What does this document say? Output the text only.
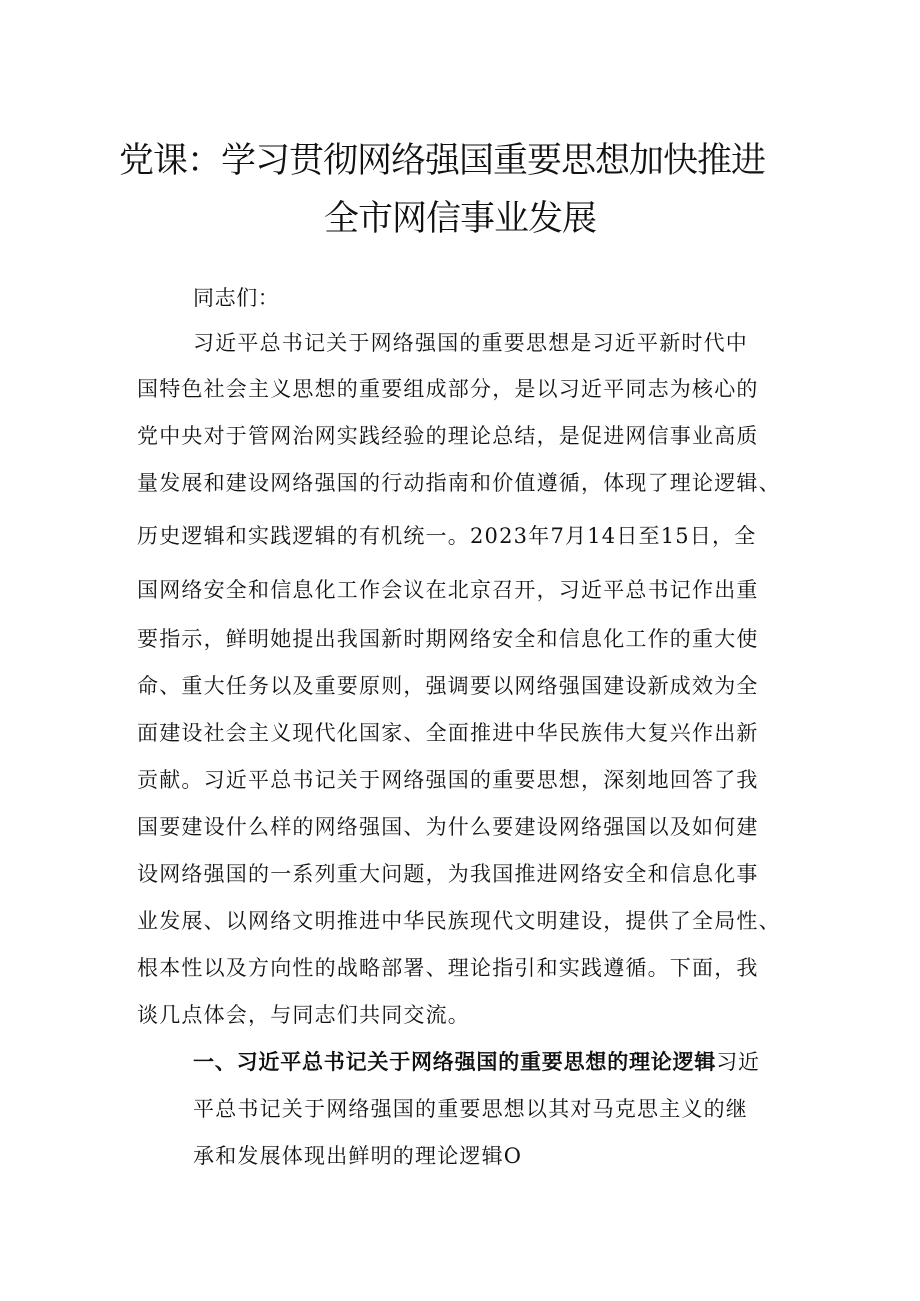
党课：学习贯彻网络强国重要思想加快推进
全市网信事业发展
同志们：
习近平总书记关于网络强国的重要思想是习近平新时代中
国特色社会主义思想的重要组成部分，是以习近平同志为核心的
党中央对于管网治网实践经验的理论总结，是促进网信事业高质
量发展和建设网络强国的行动指南和价值遵循，体现了理论逻辑、
历史逻辑和实践逻辑的有机统一。2023年7月14日至15日，全
国网络安全和信息化工作会议在北京召开，习近平总书记作出重
要指示，鲜明她提出我国新时期网络安全和信息化工作的重大使
命、重大任务以及重要原则，强调要以网络强国建设新成效为全
面建设社会主义现代化国家、全面推进中华民族伟大复兴作出新
贡献。习近平总书记关于网络强国的重要思想，深刻地回答了我
国要建设什么样的网络强国、为什么要建设网络强国以及如何建
设网络强国的一系列重大问题，为我国推进网络安全和信息化事
业发展、以网络文明推进中华民族现代文明建设，提供了全局性、
根本性以及方向性的战略部署、理论指引和实践遵循。下面，我
谈几点体会，与同志们共同交流。
一、习近平总书记关于网络强国的重要思想的理论逻辑习近
平总书记关于网络强国的重要思想以其对马克思主义的继
承和发展体现出鲜明的理论逻辑O
